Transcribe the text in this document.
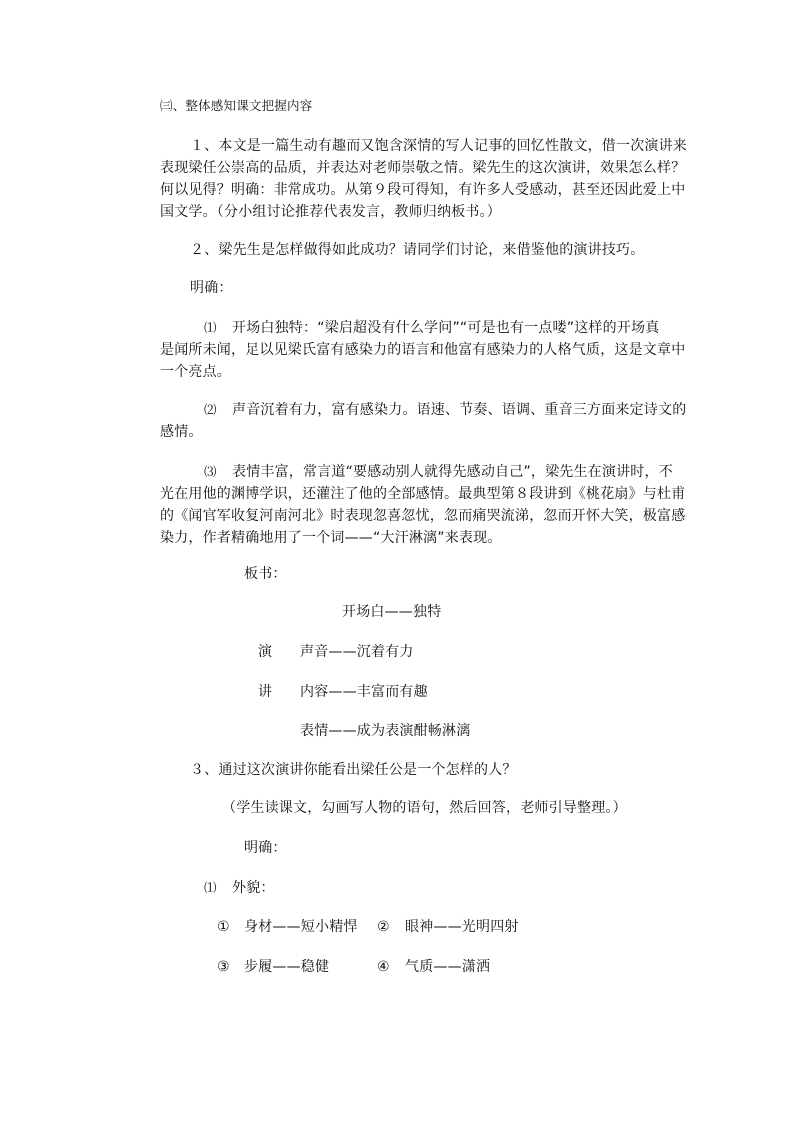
㈢、整体感知课文把握内容
１、本文是一篇生动有趣而又饱含深情的写人记事的回忆性散文，借一次演讲来
表现梁任公崇高的品质，并表达对老师崇敬之情。梁先生的这次演讲，效果怎么样？
何以见得？明确：非常成功。从第９段可得知，有许多人受感动，甚至还因此爱上中
国文学。（分小组讨论推荐代表发言，教师归纳板书。）
２、梁先生是怎样做得如此成功？请同学们讨论，来借鉴他的演讲技巧。
明确：
⑴ 开场白独特：“梁启超没有什么学问”“可是也有一点喽”这样的开场真
是闻所未闻，足以见梁氏富有感染力的语言和他富有感染力的人格气质，这是文章中
一个亮点。
⑵ 声音沉着有力，富有感染力。语速、节奏、语调、重音三方面来定诗文的
感情。
⑶ 表情丰富，常言道“要感动别人就得先感动自己”，梁先生在演讲时，不
光在用他的渊博学识，还灌注了他的全部感情。最典型第８段讲到《桃花扇》与杜甫
的《闻官军收复河南河北》时表现忽喜忽忧，忽而痛哭流涕，忽而开怀大笑，极富感
染力，作者精确地用了一个词——“大汗淋漓”来表现。
板书：
开场白——独特
演 声音——沉着有力
讲 内容——丰富而有趣
表情——成为表演酣畅淋漓
３、通过这次演讲你能看出梁任公是一个怎样的人？
（学生读课文，勾画写人物的语句，然后回答，老师引导整理。）
明确：
⑴ 外貌：
① 身材——短小精悍 ② 眼神——光明四射
③ 步履——稳健	④ 气质——潇洒
